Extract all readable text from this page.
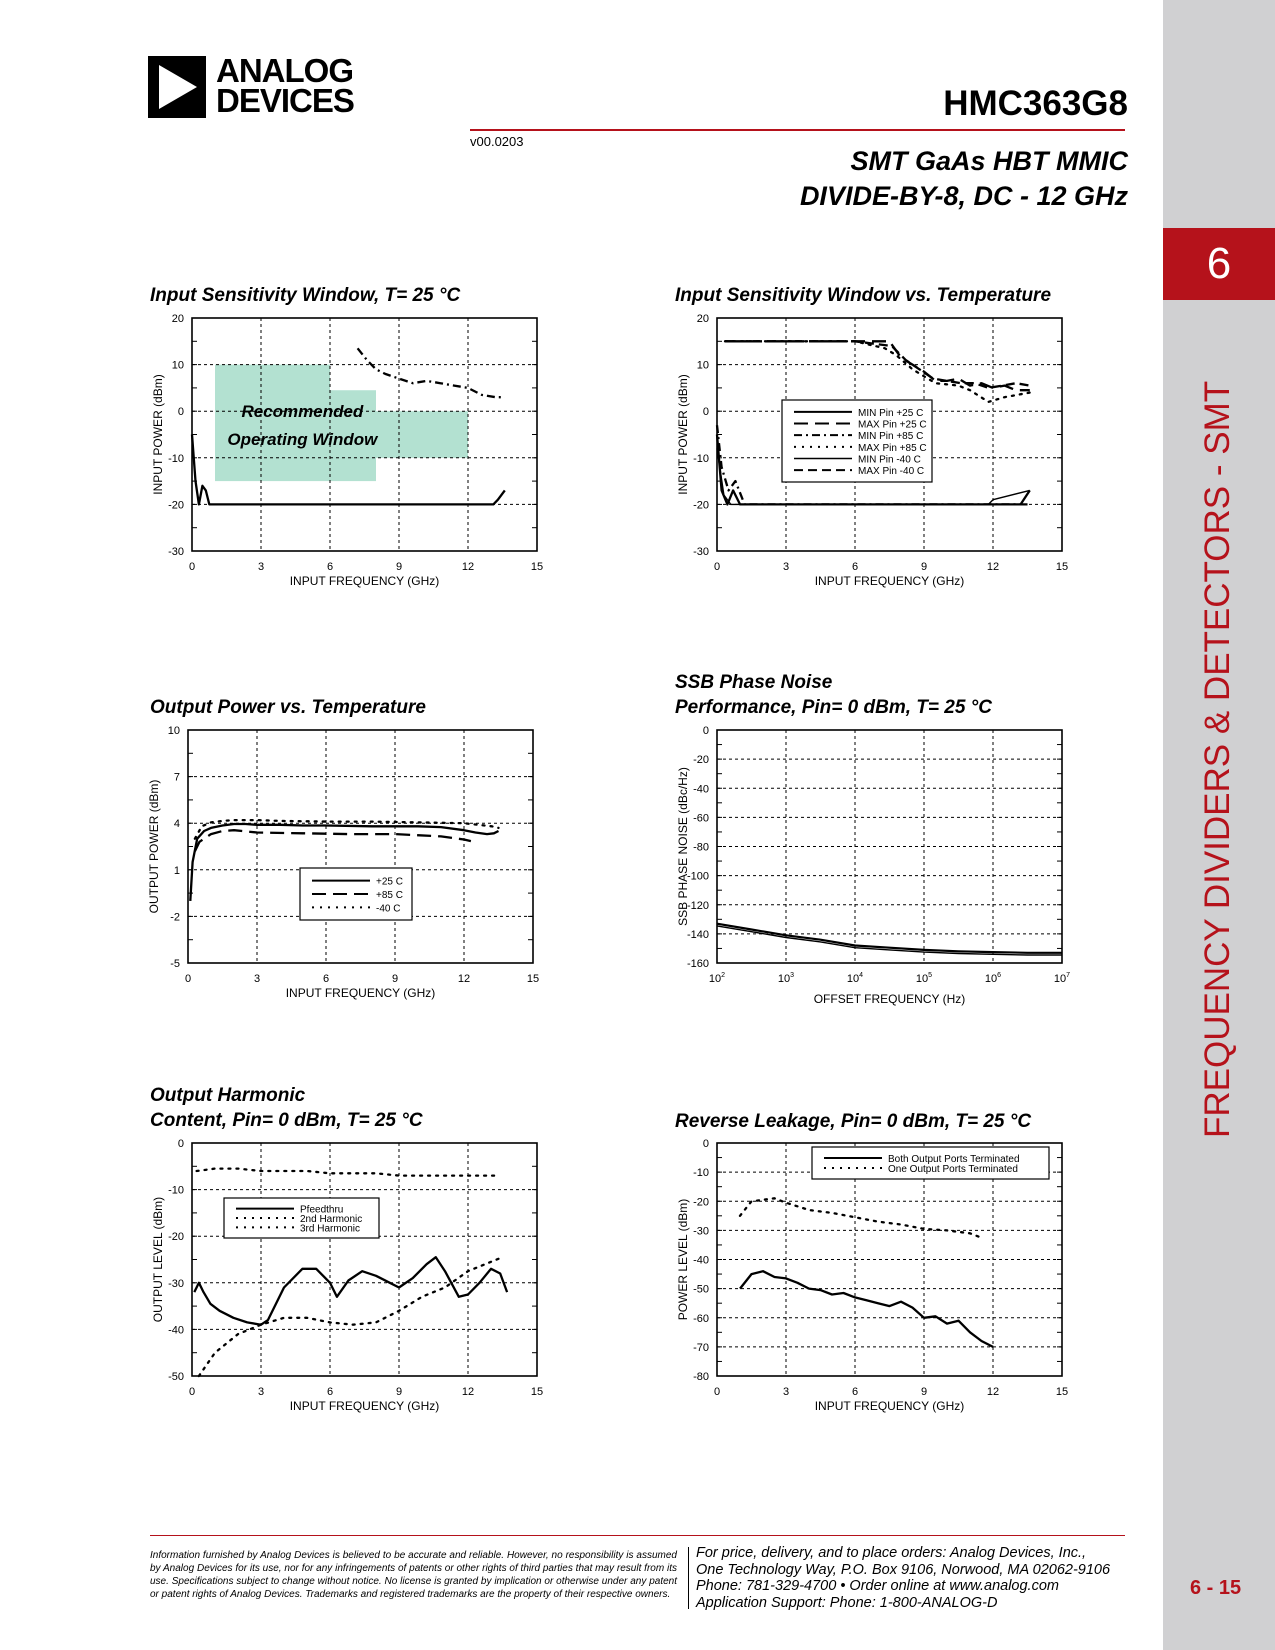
ANALOG
DEVICES	HMC363G8
v00.0203
SMT GaAs HBT MMIC
DIVIDE-BY-8, DC - 12 GHz
6
FREQUENCY DIVIDERS & DETECTORS - SMT
6 - 15
Input Sensitivity Window, T= 25 °C	Input Sensitivity Window vs. Temperature
Output Power vs. Temperature
SSB Phase Noise
Performance, Pin= 0 dBm, T= 25 °C
Output Harmonic
Content, Pin= 0 dBm, T= 25 °C	Reverse Leakage, Pin= 0 dBm, T= 25 °C
20
10
0
-10
-20
-30
0	3	6	9	12	15
INPUT FREQUENCY (GHz)
INPUT POWER (dBm)	Recommended
Operating Window
20
10
0
-10
-20
-30
0	3	6	9	12	15
INPUT FREQUENCY (GHz)
INPUT POWER (dBm)	MIN Pin +25 C
MAX Pin +25 C
MIN Pin +85 C
MAX Pin +85 C
MIN Pin -40 C
MAX Pin -40 C
10
7
4
1
-2
-5
0	3	6	9	12	15
INPUT FREQUENCY (GHz)
OUTPUT POWER (dBm)	+25 C
+85 C
-40 C
0
-20
-40
-60
-80
-100
-120
-140
-160
$10^2$	$10^3$	$10^4$	$10^5$	$10^6$	$10^7$
OFFSET FREQUENCY (Hz)
SSB PHASE NOISE (dBc/Hz)
0
-10
-20
-30
-40
-50
0	3	6	9	12	15
INPUT FREQUENCY (GHz)
OUTPUT LEVEL (dBm)	Pfeedthru
2nd Harmonic
3rd Harmonic
0
-10
-20
-30
-40
-50
-60
-70
-80
0	3	6	9	12	15
INPUT FREQUENCY (GHz)
POWER LEVEL (dBm)
Both Output Ports Terminated
One Output Ports Terminated
Information furnished by Analog Devices is believed to be accurate and reliable. However, no responsibility is assumed by Analog Devices for its use, nor for any infringements of patents or other rights of third parties that may result from its use. Specifications subject to change without notice. No license is granted by implication or otherwise under any patent or patent rights of Analog Devices. Trademarks and registered trademarks are the property of their respective owners.
For price, delivery, and to place orders: Analog Devices, Inc.,
One Technology Way, P.O. Box 9106, Norwood, MA 02062-9106
Phone: 781-329-4700 • Order online at www.analog.com
Application Support: Phone: 1-800-ANALOG-D
